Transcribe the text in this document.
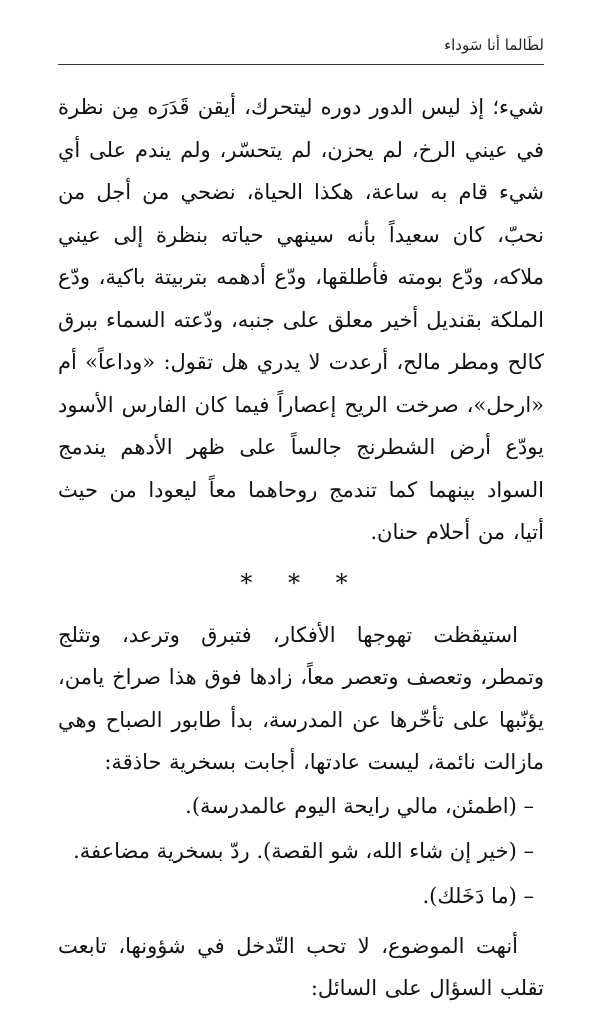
لطَالما أنا سَوداء

شيء؛ إذ ليس الدور دوره ليتحرك، أيقن قَدَرَه مِن نظرة في عيني الرخ، لم يحزن، لم يتحسّر، ولم يندم على أي شيء قام به ساعة، هكذا الحياة، نضحي من أجل من نحبّ، كان سعيداً بأنه سينهي حياته بنظرة إلى عيني ملاكه، ودّع بومته فأطلقها، ودّع أدهمه بتربيتة باكية، ودّع الملكة بقنديل أخير معلق على جنبه، ودّعته السماء ببرق كالح ومطر مالح، أرعدت لا يدري هل تقول: «وداعاً» أم «ارحل»، صرخت الريح إعصاراً فيما كان الفارس الأسود يودّع أرض الشطرنج جالساً على ظهر الأدهم يندمج السواد بينهما كما تندمج روحاهما معاً ليعودا من حيث أتيا، من أحلام حنان.

* * *

استيقظت تهوجها الأفكار، فتبرق وترعد، وتثلج وتمطر، وتعصف وتعصر معاً، زادها فوق هذا صراخ يامن، يؤنّبها على تأخّرها عن المدرسة، بدأ طابور الصباح وهي مازالت نائمة، ليست عادتها، أجابت بسخرية حاذقة:

– (اطمئن، مالي رايحة اليوم عالمدرسة).

– (خير إن شاء الله، شو القصة). ردّ بسخرية مضاعفة.

– (ما دَخَلك).

أنهت الموضوع، لا تحب التّدخل في شؤونها، تابعت تقلب السؤال على السائل:
